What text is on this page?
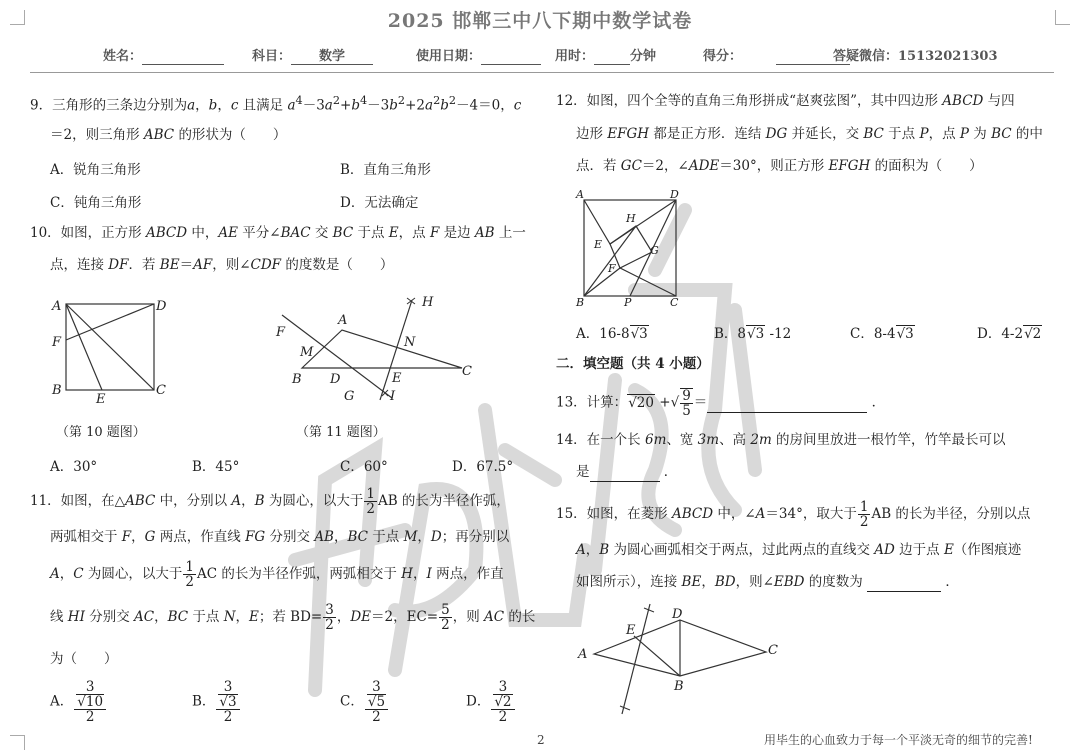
2025 邯郸三中八下期中数学试卷
姓名：	科目： 数学	使用日期：	用时：	分钟	得分：	答疑微信：15132021303
9．三角形的三条边分别为a，b，c 且满足 $a^4-3a^2+b^4-3b^2+2a^2b^2-4=0$，c
＝2，则三角形 ABC 的形状为（　　）
A．锐角三角形	B．直角三角形
C．钝角三角形	D．无法确定
10．如图，正方形 ABCD 中，AE 平分∠BAC 交 BC 于点 E，点 F 是边 AB 上一
点，连接 DF．若 BE＝AF，则∠CDF 的度数是（　　）
A	D
F
B	C
E
（第 10 题图）
F
M
A
H
N
B D	E	C
G	I
（第 11 题图）
A．30°	B．45°	C．60°	D．67.5°
11．如图，在△ABC 中，分别以 A，B 为圆心，以大于 $\frac{1}{2}$ AB 的长为半径作弧，
两弧相交于 F，G 两点，作直线 FG 分别交 AB，BC 于点 M，D；再分别以
A，C 为圆心，以大于 $\frac{1}{2}$ AC 的长为半径作弧，两弧相交于 H，I 两点，作直
线 HI 分别交 AC，BC 于点 N，E；若 $BD= \frac{3}{2}$ ，DE＝2，$EC= \frac{5}{2}$ ，则 AC 的长
为（　　）
A． 3
√10
2	B． 3
√3
2	C． 3
√5
2	D． 3
√2
2
12．如图，四个全等的直角三角形拼成“赵爽弦图”，其中四边形 ABCD 与四
边形 EFGH 都是正方形．连结 DG 并延长，交 BC 于点 P，点 P 为 BC 的中
点．若 GC＝2，∠ADE＝30°，则正方形 EFGH 的面积为（　　）
A	D
H
E	G
F
B	P	C
A．16-8√3	B．8√3 -12	C．8-4√3	D．4-2√2
二．填空题（共 4 小题）
13．计算：√20 +√ $\frac{9}{5}$ ＝	．
14．在一个长 6m、宽 3m、高 2m 的房间里放进一根竹竿，竹竿最长可以
是	．
15．如图，在菱形 ABCD 中，∠A＝34°，取大于 $\frac{1}{2}$ AB 的长为半径，分别以点
A，B 为圆心画弧相交于两点，过此两点的直线交 AD 边于点 E（作图痕迹
如图所示），连接 BE，BD，则∠EBD 的度数为	．
A
E
D
C
B
2	用毕生的心血致力于每一个平淡无奇的细节的完善!
